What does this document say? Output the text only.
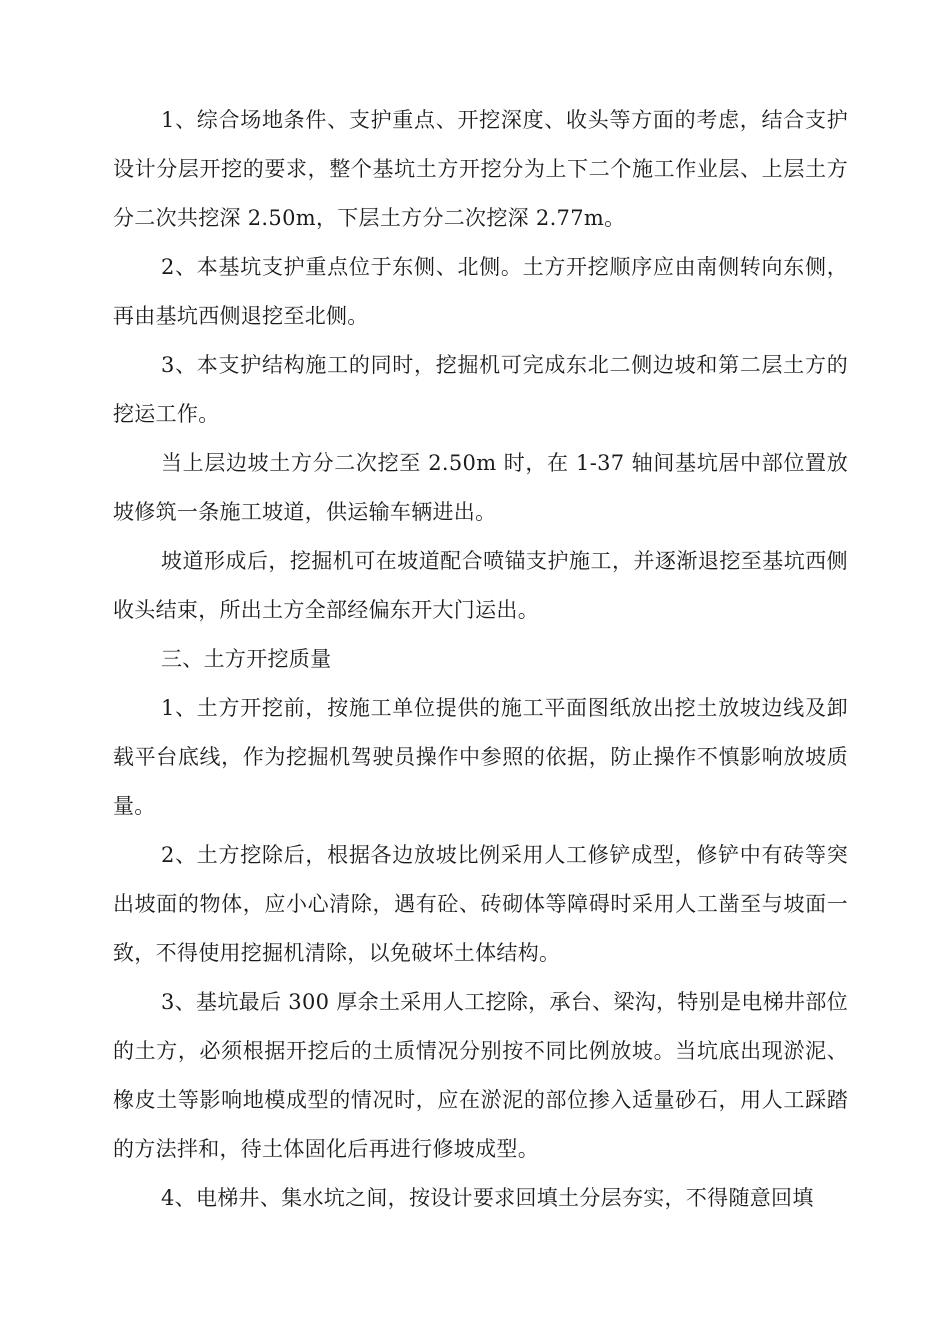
1、综合场地条件、支护重点、开挖深度、收头等方面的考虑，结合支护设计分层开挖的要求，整个基坑土方开挖分为上下二个施工作业层、上层土方分二次共挖深 2.50m，下层土方分二次挖深 2.77m。

2、本基坑支护重点位于东侧、北侧。土方开挖顺序应由南侧转向东侧，再由基坑西侧退挖至北侧。

3、本支护结构施工的同时，挖掘机可完成东北二侧边坡和第二层土方的挖运工作。

当上层边坡土方分二次挖至 2.50m 时，在 1-37 轴间基坑居中部位置放坡修筑一条施工坡道，供运输车辆进出。

坡道形成后，挖掘机可在坡道配合喷锚支护施工，并逐渐退挖至基坑西侧收头结束，所出土方全部经偏东开大门运出。

三、土方开挖质量

1、土方开挖前，按施工单位提供的施工平面图纸放出挖土放坡边线及卸载平台底线，作为挖掘机驾驶员操作中参照的依据，防止操作不慎影响放坡质量。

2、土方挖除后，根据各边放坡比例采用人工修铲成型，修铲中有砖等突出坡面的物体，应小心清除，遇有砼、砖砌体等障碍时采用人工凿至与坡面一致，不得使用挖掘机清除，以免破坏土体结构。

3、基坑最后 300 厚余土采用人工挖除，承台、梁沟，特别是电梯井部位的土方，必须根据开挖后的土质情况分别按不同比例放坡。当坑底出现淤泥、橡皮土等影响地模成型的情况时，应在淤泥的部位掺入适量砂石，用人工踩踏的方法拌和，待土体固化后再进行修坡成型。

4、电梯井、集水坑之间，按设计要求回填土分层夯实，不得随意回填
